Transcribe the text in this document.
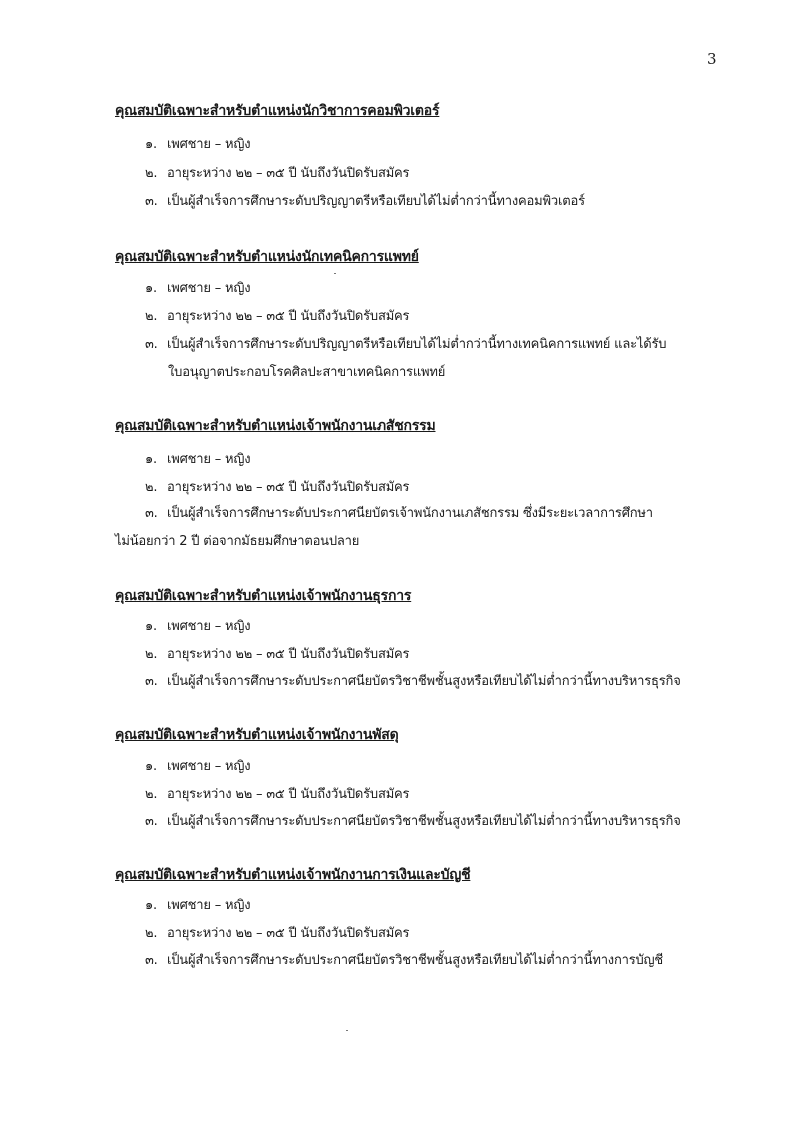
3
คุณสมบัติเฉพาะสำหรับตำแหน่งนักวิชาการคอมพิวเตอร์
๑. เพศชาย – หญิง
๒. อายุระหว่าง ๒๒ – ๓๕ ปี นับถึงวันปิดรับสมัคร
๓. เป็นผู้สำเร็จการศึกษาระดับปริญญาตรีหรือเทียบได้ไม่ต่ำกว่านี้ทางคอมพิวเตอร์
คุณสมบัติเฉพาะสำหรับตำแหน่งนักเทคนิคการแพทย์
๑. เพศชาย – หญิง
๒. อายุระหว่าง ๒๒ – ๓๕ ปี นับถึงวันปิดรับสมัคร
๓. เป็นผู้สำเร็จการศึกษาระดับปริญญาตรีหรือเทียบได้ไม่ต่ำกว่านี้ทางเทคนิคการแพทย์ และได้รับ
ใบอนุญาตประกอบโรคศิลปะสาขาเทคนิคการแพทย์
คุณสมบัติเฉพาะสำหรับตำแหน่งเจ้าพนักงานเภสัชกรรม
๑. เพศชาย – หญิง
๒. อายุระหว่าง ๒๒ – ๓๕ ปี นับถึงวันปิดรับสมัคร
๓. เป็นผู้สำเร็จการศึกษาระดับประกาศนียบัตรเจ้าพนักงานเภสัชกรรม ซึ่งมีระยะเวลาการศึกษา
ไม่น้อยกว่า 2 ปี ต่อจากมัธยมศึกษาตอนปลาย
คุณสมบัติเฉพาะสำหรับตำแหน่งเจ้าพนักงานธุรการ
๑. เพศชาย – หญิง
๒. อายุระหว่าง ๒๒ – ๓๕ ปี นับถึงวันปิดรับสมัคร
๓. เป็นผู้สำเร็จการศึกษาระดับประกาศนียบัตรวิชาชีพชั้นสูงหรือเทียบได้ไม่ต่ำกว่านี้ทางบริหารธุรกิจ
คุณสมบัติเฉพาะสำหรับตำแหน่งเจ้าพนักงานพัสดุ
๑. เพศชาย – หญิง
๒. อายุระหว่าง ๒๒ – ๓๕ ปี นับถึงวันปิดรับสมัคร
๓. เป็นผู้สำเร็จการศึกษาระดับประกาศนียบัตรวิชาชีพชั้นสูงหรือเทียบได้ไม่ต่ำกว่านี้ทางบริหารธุรกิจ
คุณสมบัติเฉพาะสำหรับตำแหน่งเจ้าพนักงานการเงินและบัญชี
๑. เพศชาย – หญิง
๒. อายุระหว่าง ๒๒ – ๓๕ ปี นับถึงวันปิดรับสมัคร
๓. เป็นผู้สำเร็จการศึกษาระดับประกาศนียบัตรวิชาชีพชั้นสูงหรือเทียบได้ไม่ต่ำกว่านี้ทางการบัญชี
